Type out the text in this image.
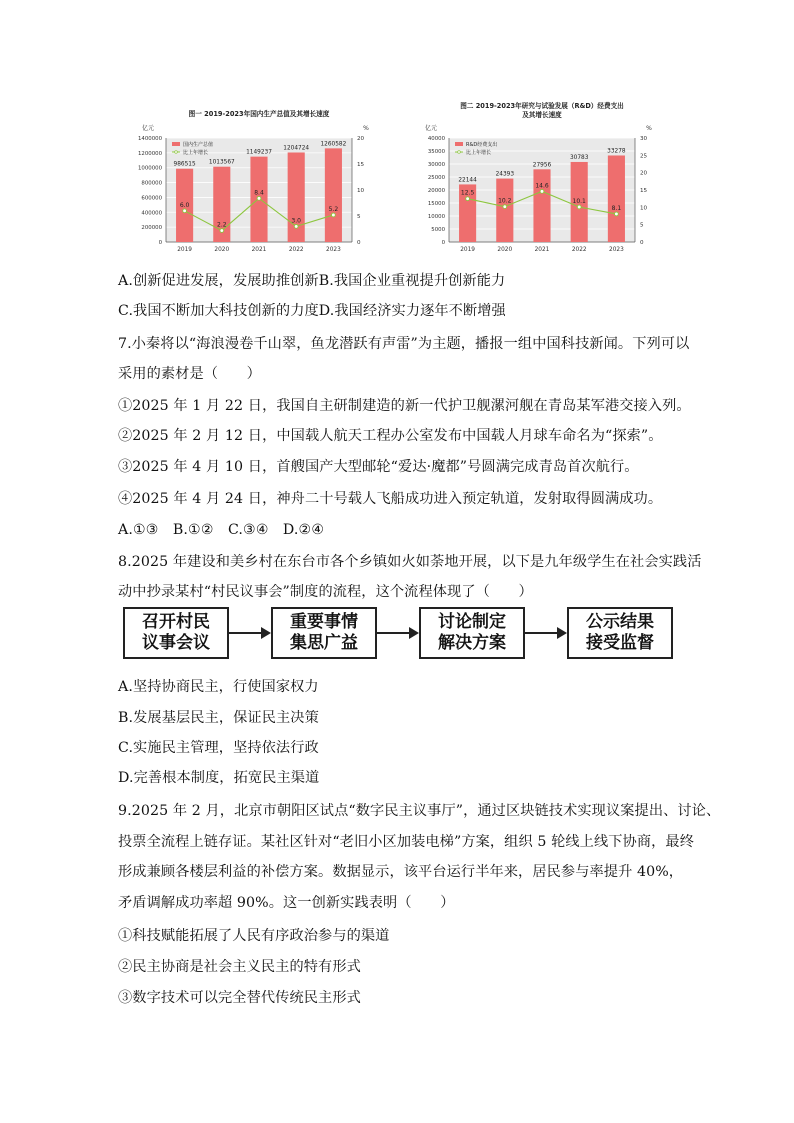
图一 2019-2023年国内生产总值及其增长速度
亿元	%
0
200000
400000
600000
800000
1000000
1200000
1400000
0
5
10
15
20
986515
2019
1013567
2020
1149237
2021
1204724
2022
1260582
2023
6.0
2.2
8.4
3.0
5.2
国内生产总值
比上年增长
图二 2019-2023年研究与试验发展（R&D）经费支出
及其增长速度
亿元	%
0
5000
10000
15000
20000
25000
30000
35000
40000
0
5
10
15
20
25
30
22144
2019
24393
2020
27956
2021
30783
2022
33278
2023
12.5
10.2
14.6
10.1
8.1
R&D经费支出
比上年增长
A.创新促进发展，发展助推创新B.我国企业重视提升创新能力
C.我国不断加大科技创新的力度D.我国经济实力逐年不断增强
7.小秦将以“海浪漫卷千山翠，鱼龙潜跃有声雷”为主题，播报一组中国科技新闻。下列可以
采用的素材是（　　）
①2025 年 1 月 22 日，我国自主研制建造的新一代护卫舰漯河舰在青岛某军港交接入列。
②2025 年 2 月 12 日，中国载人航天工程办公室发布中国载人月球车命名为“探索”。
③2025 年 4 月 10 日，首艘国产大型邮轮“爱达·魔都”号圆满完成青岛首次航行。
④2025 年 4 月 24 日，神舟二十号载人飞船成功进入预定轨道，发射取得圆满成功。
A.①③　B.①②　C.③④　D.②④
8.2025 年建设和美乡村在东台市各个乡镇如火如荼地开展，以下是九年级学生在社会实践活
动中抄录某村“村民议事会”制度的流程，这个流程体现了（　　）
召开村民
议事会议
重要事情
集思广益
讨论制定
解决方案
公示结果
接受监督
A.坚持协商民主，行使国家权力
B.发展基层民主，保证民主决策
C.实施民主管理，坚持依法行政
D.完善根本制度，拓宽民主渠道
9.2025 年 2 月，北京市朝阳区试点“数字民主议事厅”，通过区块链技术实现议案提出、讨论、
投票全流程上链存证。某社区针对“老旧小区加装电梯”方案，组织 5 轮线上线下协商，最终
形成兼顾各楼层利益的补偿方案。数据显示，该平台运行半年来，居民参与率提升 40%，
矛盾调解成功率超 90%。这一创新实践表明（　　）
①科技赋能拓展了人民有序政治参与的渠道
②民主协商是社会主义民主的特有形式
③数字技术可以完全替代传统民主形式
